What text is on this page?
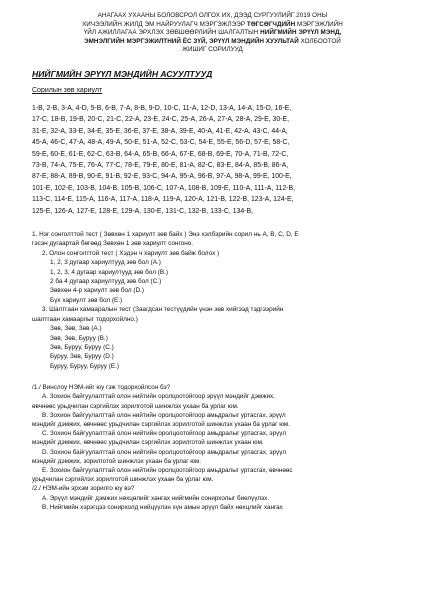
АНАГААХ УХААНЫ БОЛОВСРОЛ ОЛГОХ ИХ, ДЭЭД СУРГУУЛИЙГ 2019 ОНЫ
ХИЧЭЭЛИЙН ЖИЛД ЭМ НАЙРУУЛАГЧ МЭРГЭЖЛЭЭР ТӨГСӨГЧДИЙН МЭРГЭЖЛИЙН
ҮЙЛ АЖИЛЛАГАА ЭРХЛЭХ ЗӨВШӨӨРЛИЙН ШАЛГАЛТЫН НИЙГМИЙН ЭРҮҮЛ МЭНД,
ЭМНЭЛГИЙН МЭРГЭЖИЛТНИЙ ЁС ЗҮЙ, ЭРҮҮЛ МЭНДИЙН ХУУЛЬТАЙ ХОЛБООТОЙ
ЖИШИГ СОРИЛУУД
НИЙГМИЙН ЭРҮҮЛ МЭНДИЙН АСУУЛТУУД
Сорилын зөв хариулт
1-В, 2-В, 3-А, 4-D, 5-В, 6-В, 7-А, 8-В, 9-D, 10-С, 11-А, 12-D, 13-А, 14-А, 15-D, 16-Е,
17-С, 18-В, 19-В, 20-С, 21-С, 22-А, 23-Е, 24-С, 25-А, 26-А, 27-А, 28-А, 29-Е, 30-Е,
31-Е, 32-А, 33-Е, 34-Е, 35-Е, 36-Е, 37-Е, 38-А, 39-Е, 40-А, 41-Е, 42-А, 43-С, 44-А,
45-А, 46-С, 47-А, 48-А, 49-А, 50-Е, 51-А, 52-С, 53-С, 54-Е, 55-Е, 56-D, 57-Е, 58-С,
59-Е, 60-Е, 61-Е, 62-С, 63-В, 64-А, 65-В, 66-А, 67-Е, 68-В, 69-Е, 70-А, 71-В, 72-С,
73-В, 74-А, 75-Е, 76-А, 77-С, 78-Е, 79-Е, 80-Е, 81-А, 82-С, 83-Е, 84-А, 85-В, 86-А,
87-Е, 88-А, 89-В, 90-Е, 91-В, 92-Е, 93-С, 94-А, 95-А, 96-В, 97-А, 98-А, 99-Е, 100-Е,
101-Е, 102-Е, 103-В, 104-В, 105-В, 106-С, 107-А, 108-В, 109-Е, 110-А, 111-А, 112-В,
113-С, 114-Е, 115-А, 116-А, 117-А, 118-А, 119-А, 120-А, 121-В, 122-В, 123-А, 124-Е,
125-Е, 126-А, 127-Е, 128-Е, 129-А, 130-Е, 131-С, 132-В, 133-С, 134-В,
1. Нэг сонголттой тест ( Зөвхөн 1 хариулт зөв байх ) Энэ хэлбэрийн сорил нь А, В, С, D, Е
гэсэн дугаартай бөгөөд Зөвхөн 1 зөв хариулт сонгоно.
2. Олон сонголттой тест ( Хэдэн ч хариулт зөв байж болох )
1, 2, 3 дугаар хариултууд зөв бол (А.)
1, 2, 3, 4 дугаар хариултууд зөв бол (В.)
2 ба 4 дугаар хариултууд зөв бол (С.)
Зөвхөн 4-р хариулт зөв бол (D.)
Бүх хариулт зөв бол (Е.)
3. Шалтгаан хамааралын тест (Заагдсан тестүүдийн үнэн зөв хийгээд тэдгээрийн
шалтгаан хамаарлыг тодорхойлно.)
Зөв, Зөв, Зөв (А.)
Зөв, Зөв, Буруу (В.)
Зөв, Буруу, Буруу (С.)
Буруу, Зөв, Буруу (D.)
Буруу, Буруу, Буруу (Е.)
/1./ Винслоу НЭМ-ийг юу гэж тодорхойлсон бэ?
А. Зохион байгуулалттай олон нийтийн оролцоотойгоор эрүүл мэндийг дэмжих,
өвчнөөс урьдчилан сэргийлэх зорилготой шинжлэх ухаан ба урлаг юм.
В. Зохион байгуулалттай олон нийтийн оролцоотойгоор амьдралыг уртасгах, эрүүл
мэндийг дэмжих, өвчнөөс урьдчилан сэргийлэх зорилготой шинжлэх ухаан ба урлаг юм.
С. Зохион байгуулалттай олон нийтийн оролцоотойгоор амьдралыг уртасгах, эрүүл
мэндийг дэмжих, өвчнөөс урьдчилан сэргийлэх зорилготой шинжлэх ухаан юм.
D. Зохион байгуулалттай олон нийтийн оролцоотойгоор амьдралыг уртасгах, эрүүл
мэндийг дэмжих, зорилготой шинжлэх ухаан ба урлаг юм.
Е. Зохион байгуулалттай олон нийтийн оролцоотойгоор амьдралыг уртасгах, өвчнөөс
урьдчилан сэргийлэх зорилготой шинжлэх ухаан ба урлаг юм.
/2./ НЭМ-ийн эрхэм зорилго юу вэ?
А. Эрүүл мэндийг дэмжих нөхцөлийг хангах нийгмийн сонирхолыг биелүүлэх.
В. Нийгмийн хэрэгцээ сонирхолд нийцүүлэн хүн амын эрүүл байх нөхцлийг хангах
